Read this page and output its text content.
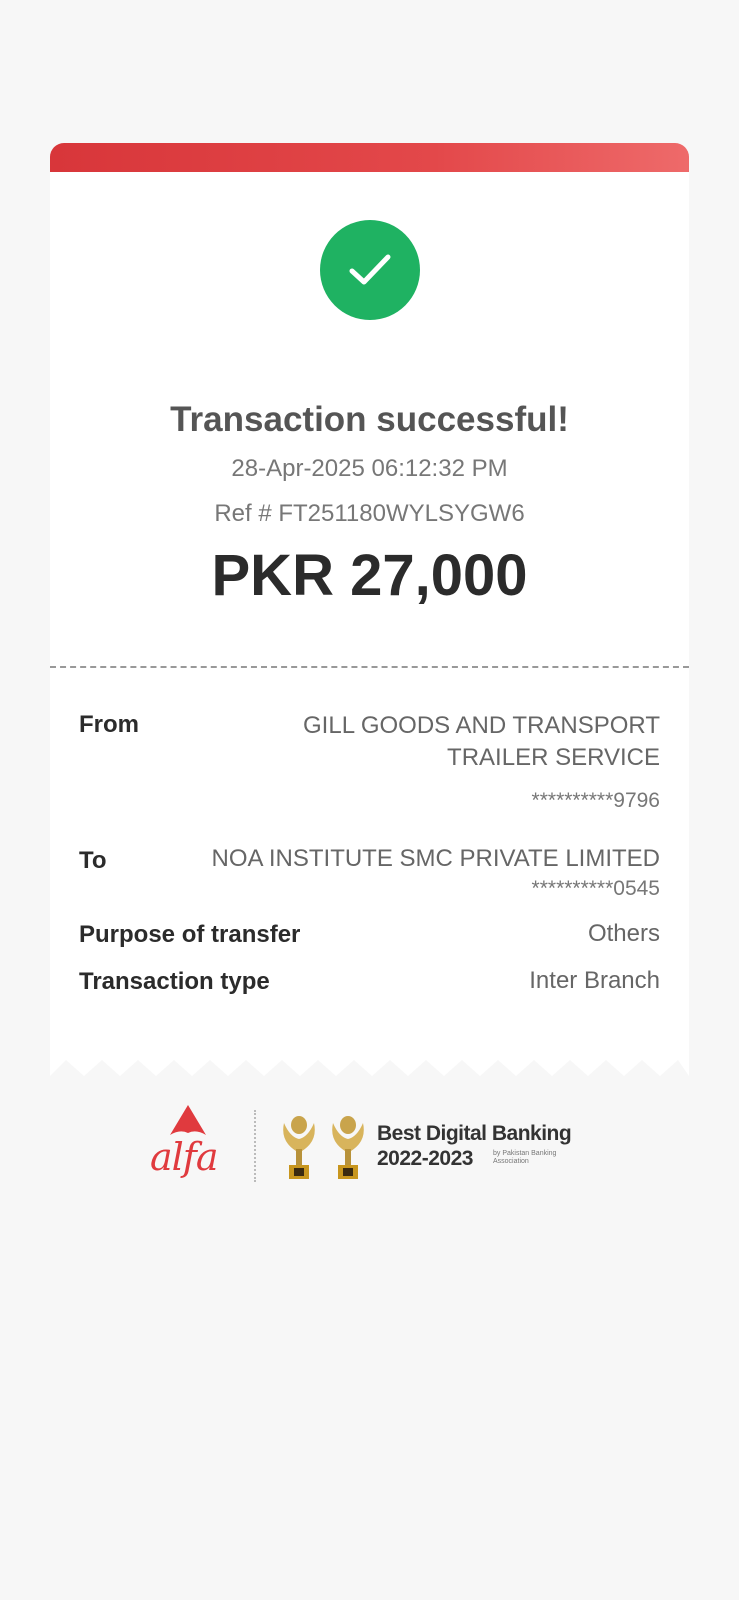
Transaction successful!
28-Apr-2025 06:12:32 PM
Ref # FT251180WYLSYGW6
PKR 27,000
From	GILL GOODS AND TRANSPORT
TRAILER SERVICE
**********9796
To	NOA INSTITUTE SMC PRIVATE LIMITED
**********0545
Purpose of transfer	Others
Transaction type	Inter Branch
alfa
Best Digital Banking
2022-2023	by Pakistan Banking Association
